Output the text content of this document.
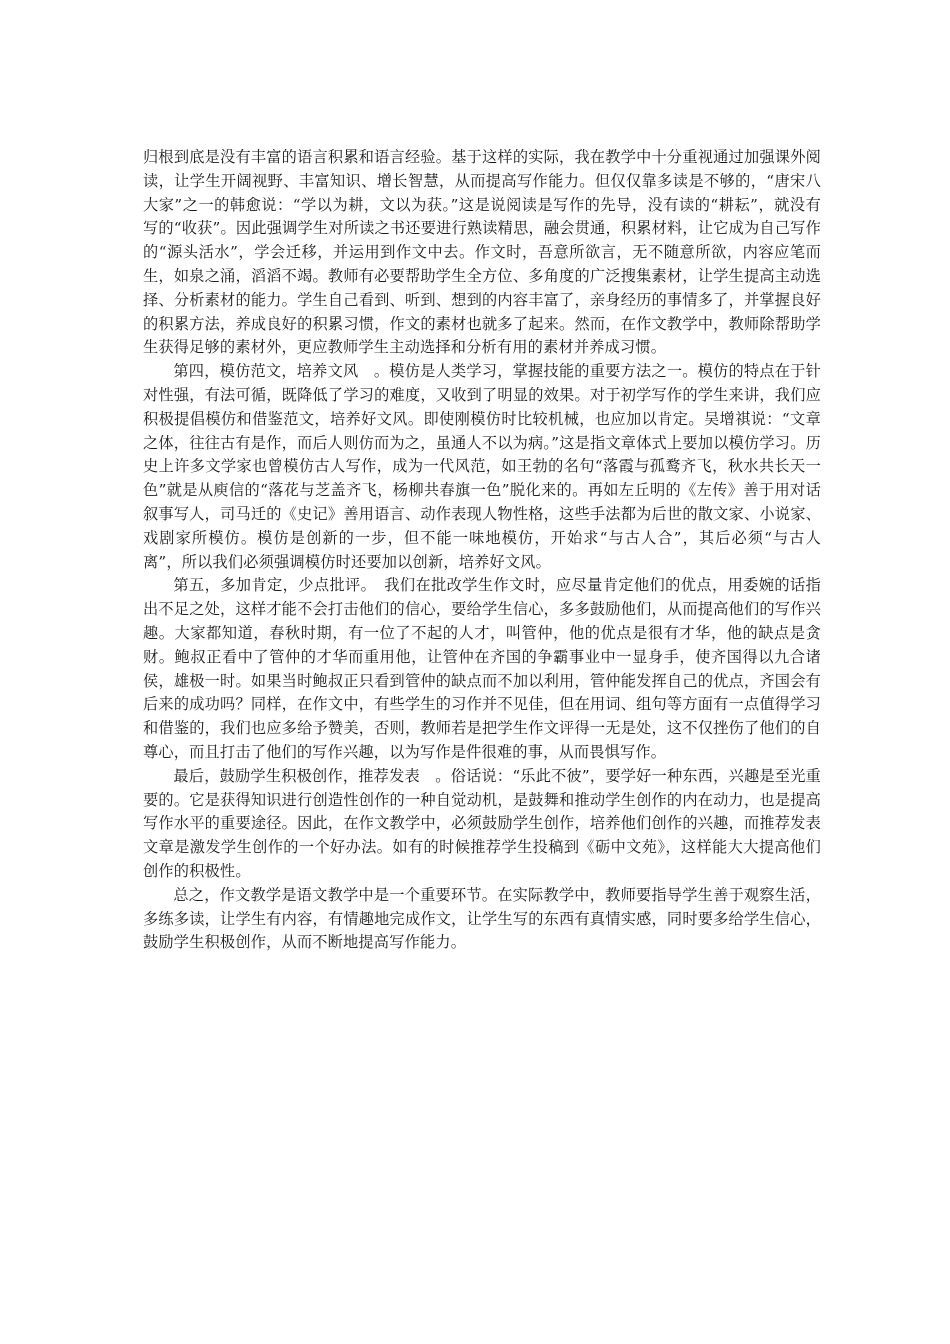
归根到底是没有丰富的语言积累和语言经验。基于这样的实际，我在教学中十分重视通过加强课外阅读，让学生开阔视野、丰富知识、增长智慧，从而提高写作能力。但仅仅靠多读是不够的，“唐宋八大家”之一的韩愈说：“学以为耕，文以为获。”这是说阅读是写作的先导，没有读的“耕耘”，就没有写的“收获”。因此强调学生对所读之书还要进行熟读精思，融会贯通，积累材料，让它成为自己写作的“源头活水”，学会迁移，并运用到作文中去。作文时，吾意所欲言，无不随意所欲，内容应笔而生，如泉之涌，滔滔不竭。教师有必要帮助学生全方位、多角度的广泛搜集素材，让学生提高主动选择、分析素材的能力。学生自己看到、听到、想到的内容丰富了，亲身经历的事情多了，并掌握良好的积累方法，养成良好的积累习惯，作文的素材也就多了起来。然而，在作文教学中，教师除帮助学生获得足够的素材外，更应教师学生主动选择和分析有用的素材并养成习惯。

第四，模仿范文，培养文风　。模仿是人类学习，掌握技能的重要方法之一。模仿的特点在于针对性强，有法可循，既降低了学习的难度，又收到了明显的效果。对于初学写作的学生来讲，我们应积极提倡模仿和借鉴范文，培养好文风。即使刚模仿时比较机械，也应加以肯定。吴增祺说：“文章之体，往往古有是作，而后人则仿而为之，虽通人不以为病。”这是指文章体式上要加以模仿学习。历史上许多文学家也曾模仿古人写作，成为一代风范，如王勃的名句“落霞与孤鹜齐飞，秋水共长天一色”就是从庾信的“落花与芝盖齐飞，杨柳共春旗一色”脱化来的。再如左丘明的《左传》善于用对话叙事写人，司马迁的《史记》善用语言、动作表现人物性格，这些手法都为后世的散文家、小说家、戏剧家所模仿。模仿是创新的一步，但不能一味地模仿，开始求“与古人合”，其后必须“与古人离”，所以我们必须强调模仿时还要加以创新，培养好文风。

第五，多加肯定，少点批评。　我们在批改学生作文时，应尽量肯定他们的优点，用委婉的话指出不足之处，这样才能不会打击他们的信心，要给学生信心，多多鼓励他们，从而提高他们的写作兴趣。大家都知道，春秋时期，有一位了不起的人才，叫管仲，他的优点是很有才华，他的缺点是贪财。鲍叔正看中了管仲的才华而重用他，让管仲在齐国的争霸事业中一显身手，使齐国得以九合诸侯，雄极一时。如果当时鲍叔正只看到管仲的缺点而不加以利用，管仲能发挥自己的优点，齐国会有后来的成功吗？同样，在作文中，有些学生的习作并不见佳，但在用词、组句等方面有一点值得学习和借鉴的，我们也应多给予赞美，否则，教师若是把学生作文评得一无是处，这不仅挫伤了他们的自尊心，而且打击了他们的写作兴趣，以为写作是件很难的事，从而畏惧写作。

最后，鼓励学生积极创作，推荐发表　。俗话说：“乐此不彼”，要学好一种东西，兴趣是至光重要的。它是获得知识进行创造性创作的一种自觉动机，是鼓舞和推动学生创作的内在动力，也是提高写作水平的重要途径。因此，在作文教学中，必须鼓励学生创作，培养他们创作的兴趣，而推荐发表文章是激发学生创作的一个好办法。如有的时候推荐学生投稿到《砺中文苑》，这样能大大提高他们创作的积极性。

总之，作文教学是语文教学中是一个重要环节。在实际教学中，教师要指导学生善于观察生活，多练多读，让学生有内容，有情趣地完成作文，让学生写的东西有真情实感，同时要多给学生信心，鼓励学生积极创作，从而不断地提高写作能力。
